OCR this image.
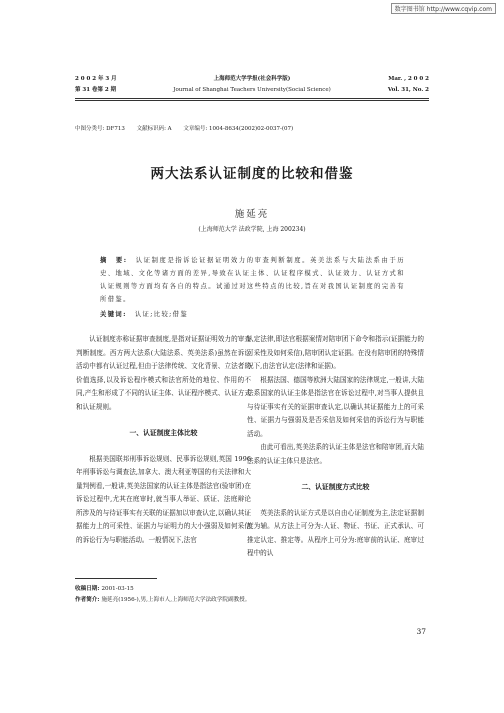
数字图书馆 http://www.cqvip.com
2 0 0 2 年 3 月	上海师范大学学报(社会科学版)	Mar. , 2 0 0 2
第 31 卷第 2 期	Journal of Shanghai Teachers University(Social Science)	Vol. 31, No. 2
中图分类号: DF713 文献标识码: A 文章编号: 1004-8634(2002)02-0037-(07)
两大法系认证制度的比较和借鉴
施延亮
(上海师范大学 法政学院, 上海 200234)
摘　要: 认证制度是指诉讼证据证明效力的审查判断制度。英美法系与大陆法系由于历史、地域、文化等诸方面的差异,导致在认证主体、认证程序模式、认证效力、认证方式和认证规则等方面均有各自的特点。试通过对这些特点的比较,旨在对我国认证制度的完善有所借鉴。
关键词: 认证;比较;借鉴

认证制度亦称证据审查制度,是指对证据证明效力的审查判断制度。西方两大法系(大陆法系、英美法系)虽然在诉讼活动中都有认证过程,但由于法律传统、文化背景、立法者的价值选择,以及诉讼程序模式和法官所处的地位、作用的不同,产生和形成了不同的认证主体、认证程序模式、认证方式和认证规则。

一、认证制度主体比较

根据美国联邦刑事诉讼规则、民事诉讼规则,英国 1996 年刑事诉讼与调查法,加拿大、澳大利亚等国的有关法律和大量判例看,一般讲,英美法国家的认证主体是指法官(验审团)在诉讼过程中,尤其在庭审时,就当事人举证、质证、法庭辩论所涉及的与待证事实有关联的证据加以审查认定,以确认其证据能力上的可采性、证据力与证明力的大小强弱及如何采信的诉讼行为与职能活动。一般情况下,法官

认定法律,即法官根据案情对陪审团下命令和指示(证据能力的可采性及如何采信),陪审团认定证据。在没有陪审团的特殊情况下,由法官认定(法律和证据)。

根据法国、德国等欧洲大陆国家的法律规定,一般讲,大陆法系国家的认证主体是指法官在诉讼过程中,对当事人提供且与待证事实有关的证据审查认定,以确认其证据能力上的可采性、证据力与强弱及是否采信及如何采信的诉讼行为与职能活动。

由此可看出,英美法系的认证主体是法官和陪审团,而大陆法系的认证主体只是法官。

二、认证制度方式比较

英美法系的认证方式是以自由心证制度为主,法定证据制度为辅。从方法上可分为:人证、物证、书证、正式承认、可推定认定、推定等。从程序上可分为:庭审前的认证、庭审过程中的认

收稿日期: 2001-03-15
作者简介: 施延亮(1956-),男,上海市人,上海师范大学法政学院副教授。
37
